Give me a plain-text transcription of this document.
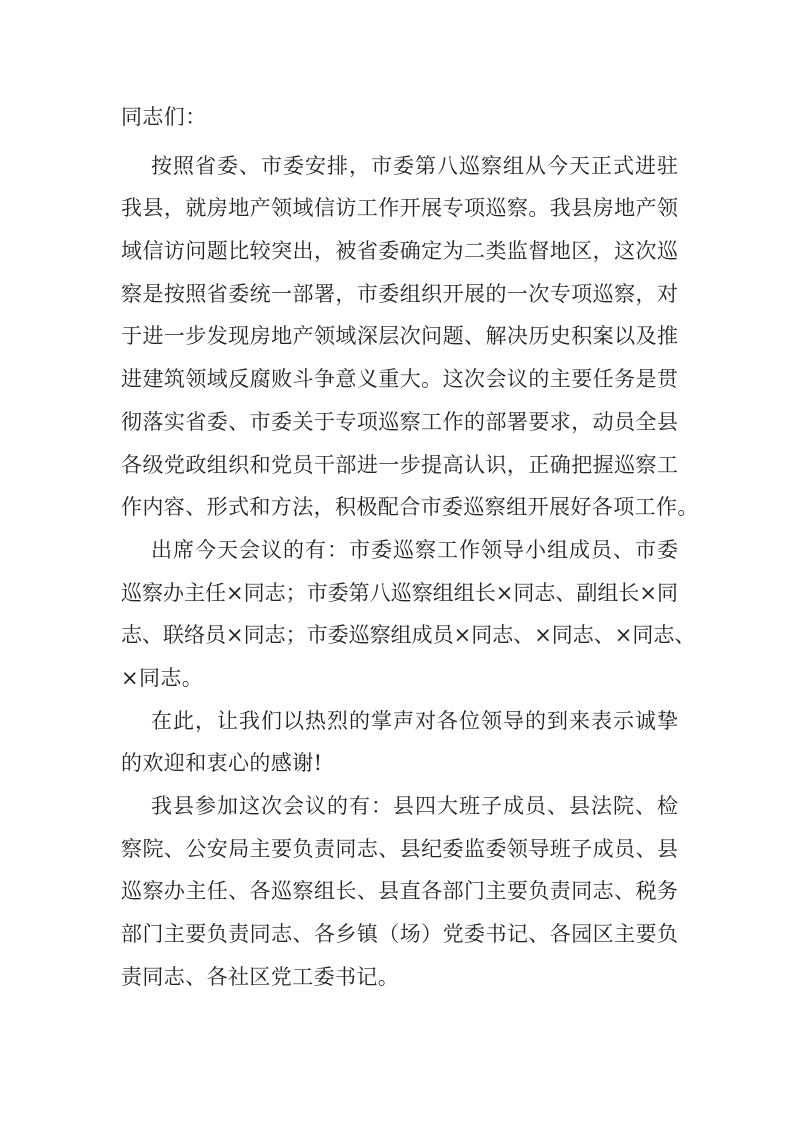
同志们：
按照省委、市委安排，市委第八巡察组从今天正式进驻
我县，就房地产领域信访工作开展专项巡察。我县房地产领
域信访问题比较突出，被省委确定为二类监督地区，这次巡
察是按照省委统一部署，市委组织开展的一次专项巡察，对
于进一步发现房地产领域深层次问题、解决历史积案以及推
进建筑领域反腐败斗争意义重大。这次会议的主要任务是贯
彻落实省委、市委关于专项巡察工作的部署要求，动员全县
各级党政组织和党员干部进一步提高认识，正确把握巡察工
作内容、形式和方法，积极配合市委巡察组开展好各项工作。
出席今天会议的有：市委巡察工作领导小组成员、市委
巡察办主任×同志；市委第八巡察组组长×同志、副组长×同
志、联络员×同志；市委巡察组成员×同志、×同志、×同志、
×同志。
在此，让我们以热烈的掌声对各位领导的到来表示诚挚
的欢迎和衷心的感谢!
我县参加这次会议的有：县四大班子成员、县法院、检
察院、公安局主要负责同志、县纪委监委领导班子成员、县
巡察办主任、各巡察组长、县直各部门主要负责同志、税务
部门主要负责同志、各乡镇（场）党委书记、各园区主要负
责同志、各社区党工委书记。
